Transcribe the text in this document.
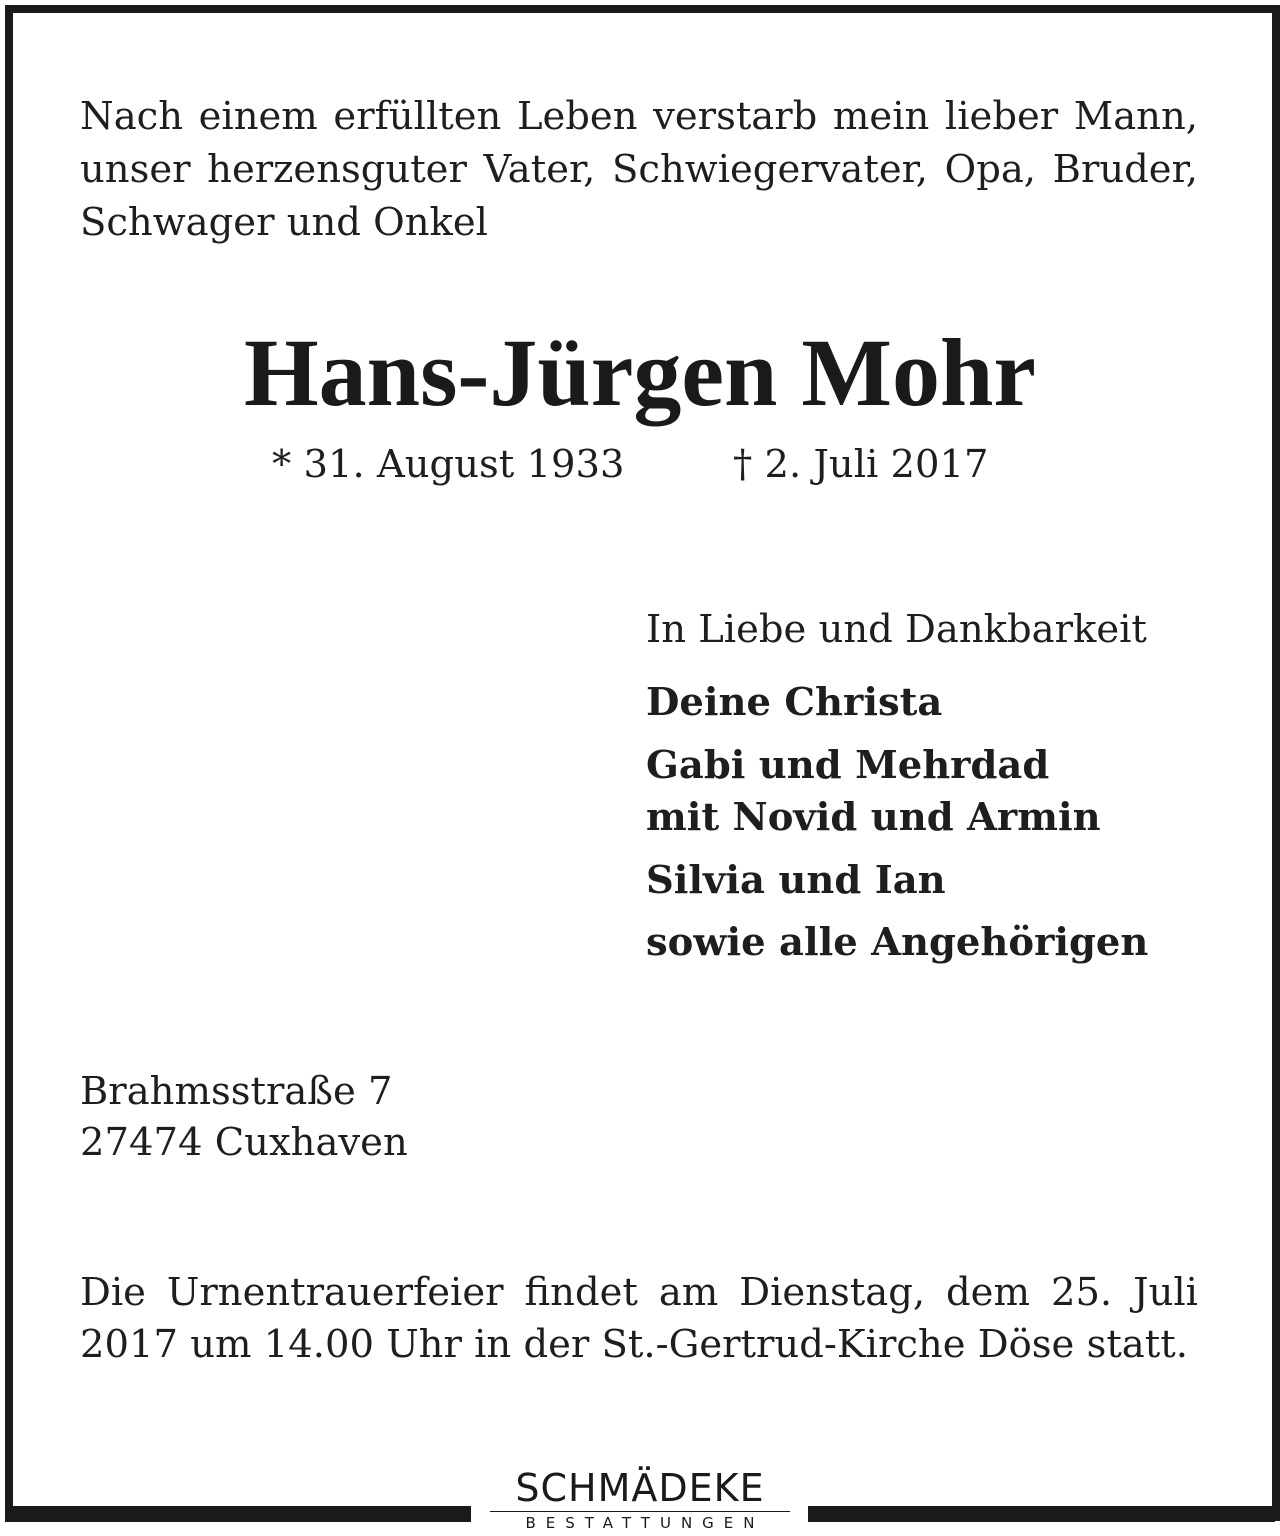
Nach einem erfüllten Leben verstarb mein lieber Mann, unser herzensguter Vater, Schwiegervater, Opa, Bruder, Schwager und Onkel
Hans-Jürgen Mohr
* 31. August 1933	† 2. Juli 2017
In Liebe und Dankbarkeit
Deine Christa
Gabi und Mehrdad
mit Novid und Armin
Silvia und Ian
sowie alle Angehörigen
Brahmsstraße 7
27474 Cuxhaven
Die Urnentrauerfeier findet am Dienstag, dem 25. Juli 2017 um 14.00 Uhr in der St.-Gertrud-Kirche Döse statt.
SCHMÄDEKE
BESTATTUNGEN
